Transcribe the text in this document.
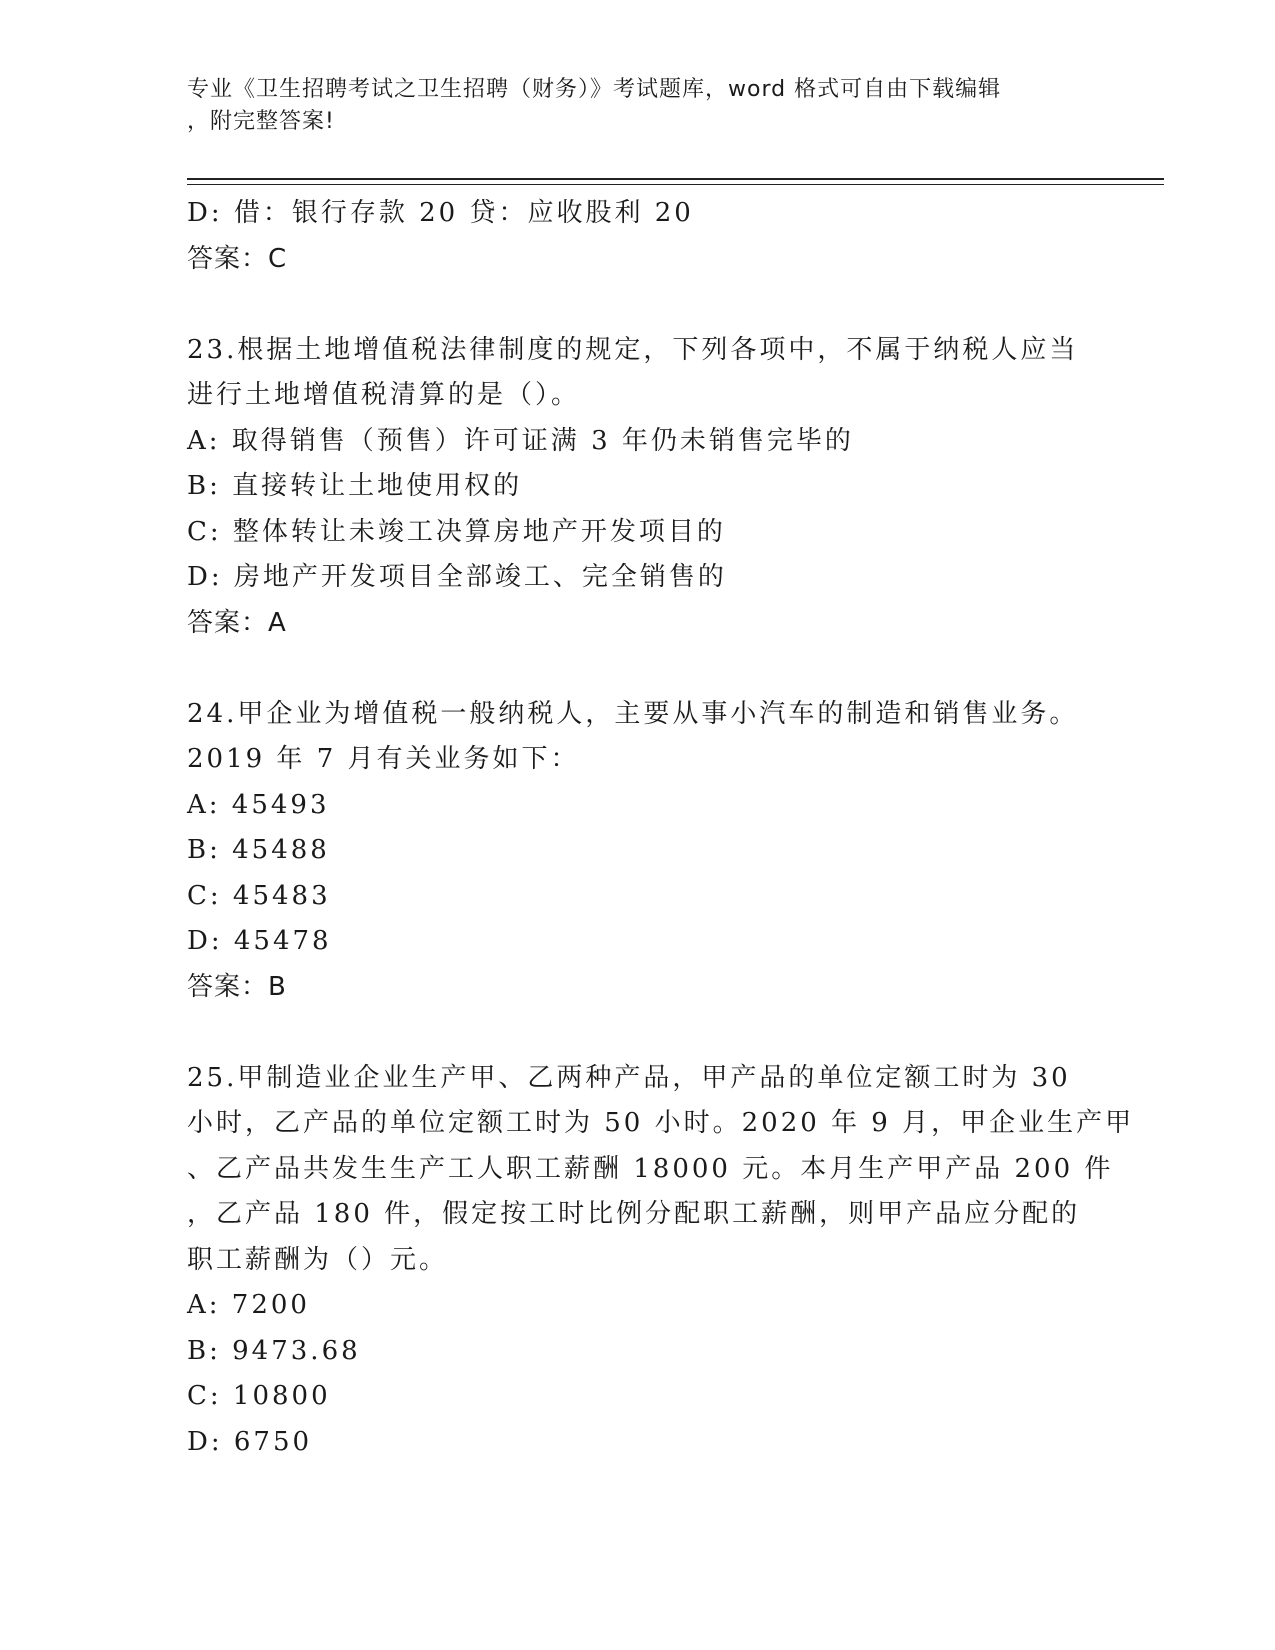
专业《卫生招聘考试之卫生招聘（财务）》考试题库，word 格式可自由下载编辑
，附完整答案!
D: 借：银行存款 20 贷：应收股利 20
答案：C
23.根据土地增值税法律制度的规定，下列各项中，不属于纳税人应当
进行土地增值税清算的是（）。
A: 取得销售（预售）许可证满 3 年仍未销售完毕的
B: 直接转让土地使用权的
C: 整体转让未竣工决算房地产开发项目的
D: 房地产开发项目全部竣工、完全销售的
答案：A
24.甲企业为增值税一般纳税人，主要从事小汽车的制造和销售业务。
2019 年 7 月有关业务如下：
A: 45493
B: 45488
C: 45483
D: 45478
答案：B
25.甲制造业企业生产甲、乙两种产品，甲产品的单位定额工时为 30
小时，乙产品的单位定额工时为 50 小时。2020 年 9 月，甲企业生产甲
、乙产品共发生生产工人职工薪酬 18000 元。本月生产甲产品 200 件
，乙产品 180 件，假定按工时比例分配职工薪酬，则甲产品应分配的
职工薪酬为（）元。
A: 7200
B: 9473.68
C: 10800
D: 6750
